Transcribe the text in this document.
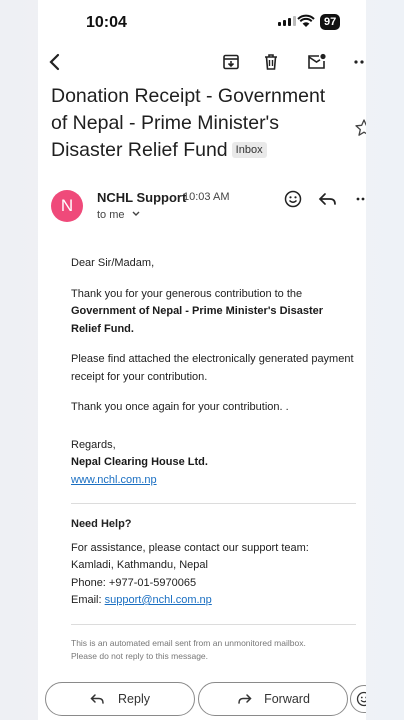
10:04	97
Donation Receipt - Government of Nepal - Prime Minister's Disaster Relief Fund Inbox
N	NCHL Support
10:03 AM
to me

Dear Sir/Madam,

Thank you for your generous contribution to the
Government of Nepal - Prime Minister's Disaster Relief Fund.

Please find attached the electronically generated payment receipt for your contribution.

Thank you once again for your contribution. .

Regards,
Nepal Clearing House Ltd.
www.nchl.com.np
Need Help?
For assistance, please contact our support team:
Kamladi, Kathmandu, Nepal
Phone: +977-01-5970065
Email: support@nchl.com.np
This is an automated email sent from an unmonitored mailbox.
Please do not reply to this message.
Reply	Forward
